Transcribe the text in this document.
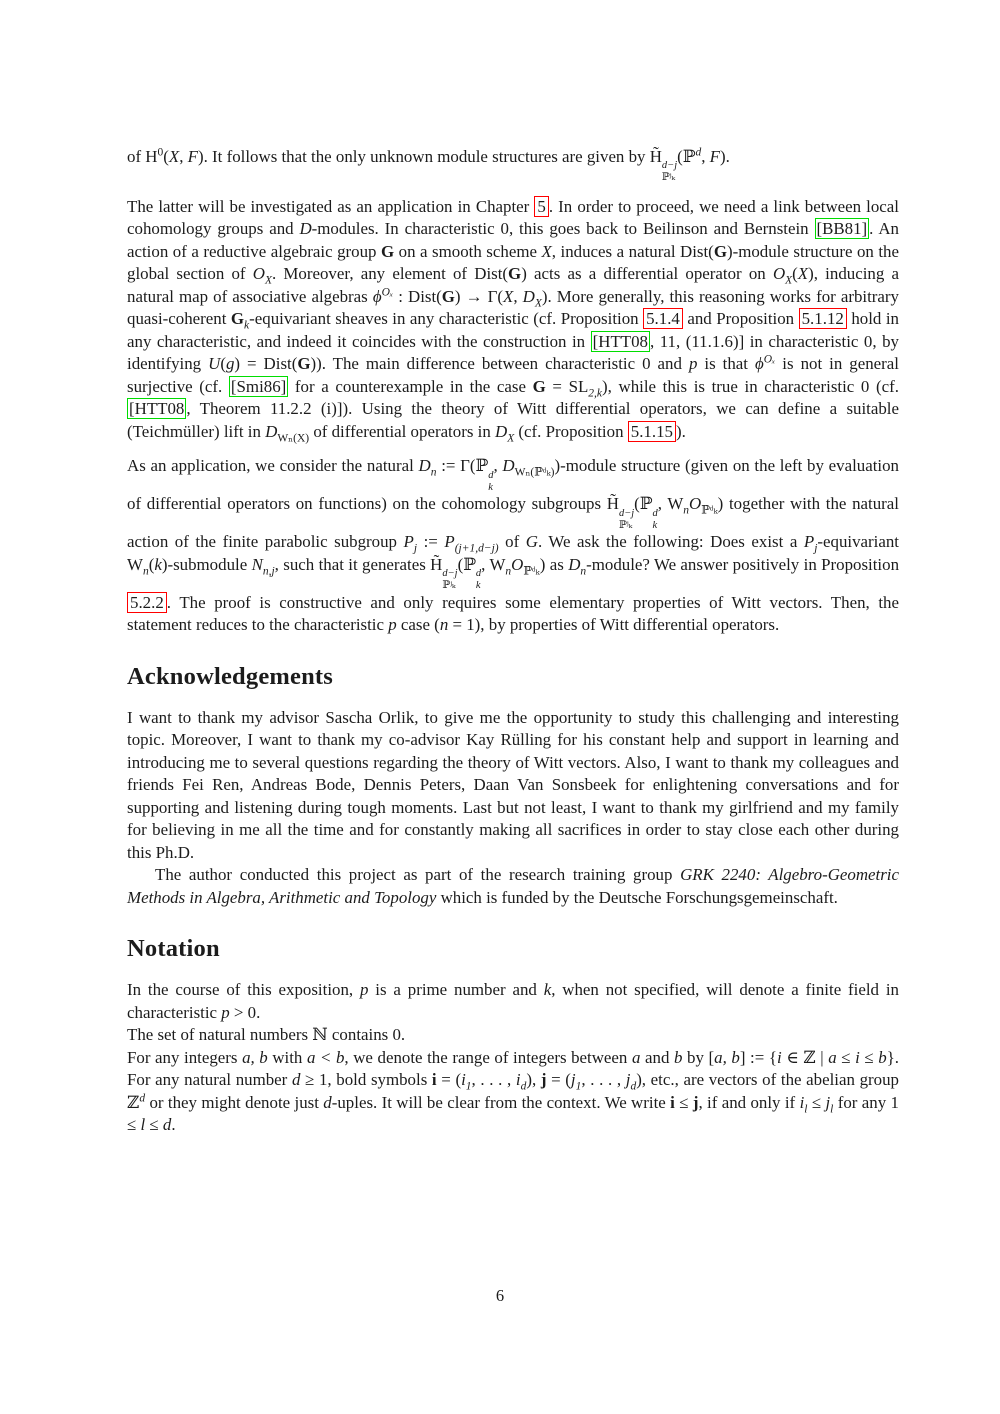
of $H^0(X$, F). It follows that the only unknown module structures are given by H̃ d−j
ℙʲₖ
(ℙ$^d$, F).

The latter will be investigated as an application in Chapter 5 . In order to proceed, we need a link between local cohomology groups and D-modules. In characteristic 0, this goes back to Beilinson and Bernstein [BB81] . An action of a reductive algebraic group G on a smooth scheme X, induces a natural Dist(G)-module structure on the global section of $O_X$. Moreover, any element of Dist(G) acts as a differential operator on $O_X(X)$, inducing a natural map of associative algebras $\phi^{O_x}$ : Dist(G) → Γ(X, $D_X$). More generally, this reasoning works for arbitrary quasi-coherent $G_k$-equivariant sheaves in any characteristic (cf. Proposition 5.1.4 and Proposition 5.1.12 hold in any characteristic, and indeed it coincides with the construction in [HTT08 , 11, (11.1.6)] in characteristic 0, by identifying U(g) = Dist(G)). The main difference between characteristic 0 and p is that $\phi^{O_x}$ is not in general surjective (cf. [Smi86] for a counterexample in the case $G = SL_{2,k}$), while this is true in characteristic 0 (cf. [HTT08 , Theorem 11.2.2 (i)]). Using the theory of Witt differential operators, we can define a suitable (Teichmüller) lift in $D_{W_n(X)}$ of differential operators in $D_X$ (cf. Proposition 5.1.15 ).

As an application, we consider the natural $D_n$ := Γ(ℙ d
k
, $D_{W_n(ℙᵈ_k)}$)-module structure (given on the left by evaluation of differential operators on functions) on the cohomology subgroups H̃ d−j
ℙʲₖ
(ℙ d
k
, $W_nO_{ℙᵈ_k}$) together with the natural action of the finite parabolic subgroup $P_j$ := $P_{(j+1,d-j)}$ of G. We ask the following: Does exist a $P_j$-equivariant $W_n(k)$-submodule $N_{n,j}$, such that it generates H̃ d−j
ℙʲₖ
(ℙ d
k
, $W_nO_{ℙᵈ_k}$) as $D_n$-module? We answer positively in Proposition 5.2.2 . The proof is constructive and only requires some elementary properties of Witt vectors. Then, the statement reduces to the characteristic p case (n = 1), by properties of Witt differential operators.

Acknowledgements

I want to thank my advisor Sascha Orlik, to give me the opportunity to study this challenging and interesting topic. Moreover, I want to thank my co-advisor Kay Rülling for his constant help and support in learning and introducing me to several questions regarding the theory of Witt vectors. Also, I want to thank my colleagues and friends Fei Ren, Andreas Bode, Dennis Peters, Daan Van Sonsbeek for enlightening conversations and for supporting and listening during tough moments. Last but not least, I want to thank my girlfriend and my family for believing in me all the time and for constantly making all sacrifices in order to stay close each other during this Ph.D.

The author conducted this project as part of the research training group GRK 2240: Algebro-Geometric Methods in Algebra, Arithmetic and Topology which is funded by the Deutsche Forschungsgemeinschaft.

Notation

In the course of this exposition, p is a prime number and k, when not specified, will denote a finite field in characteristic p > 0.

The set of natural numbers ℕ contains 0.

For any integers a, b with a < b, we denote the range of integers between a and b by [a, b] := {i ∈ ℤ | a ≤ i ≤ b}. For any natural number d ≥ 1, bold symbols $i = (i_1$, . . . , $i_d$), $j = (j_1$, . . . , $j_d$), etc., are vectors of the abelian group ℤ$^d$ or they might denote just d-uples. It will be clear from the context. We write i ≤ j, if and only if $i_l \le j_l$ for any 1 ≤ l ≤ d.

6
